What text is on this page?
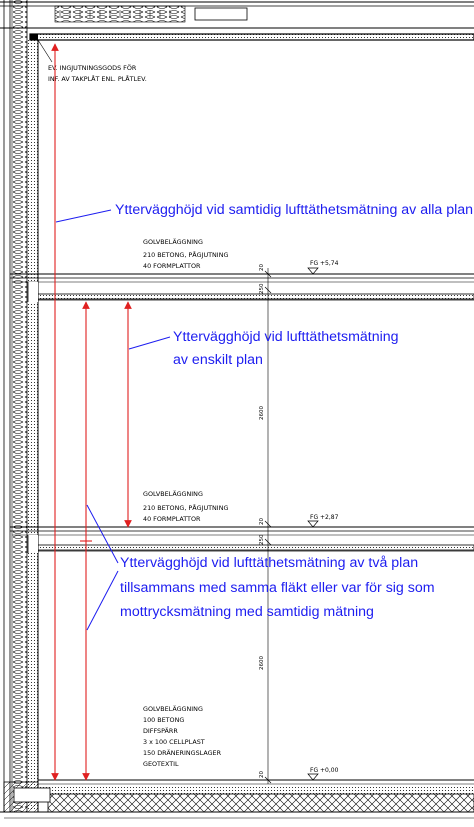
20
250
2600
20
250
2600
20
FG +5,74
FG +2,87
FG +0,00
EV. INGJUTNINGSGODS FÖR
INF. AV TAKPLÅT ENL. PLÅTLEV.
GOLVBELÄGGNING
210 BETONG, PÅGJUTNING
40 FORMPLATTOR
GOLVBELÄGGNING
210 BETONG, PÅGJUTNING
40 FORMPLATTOR
GOLVBELÄGGNING
100 BETONG
DIFFSPÄRR
3 x 100 CELLPLAST
150 DRÄNERINGSLAGER
GEOTEXTIL
Yttervägghöjd vid samtidig lufttäthetsmätning av alla plan
Yttervägghöjd vid lufttäthetsmätning
av enskilt plan
Yttervägghöjd vid lufttäthetsmätning av två plan
tillsammans med samma fläkt eller var för sig som
mottrycksmätning med samtidig mätning
